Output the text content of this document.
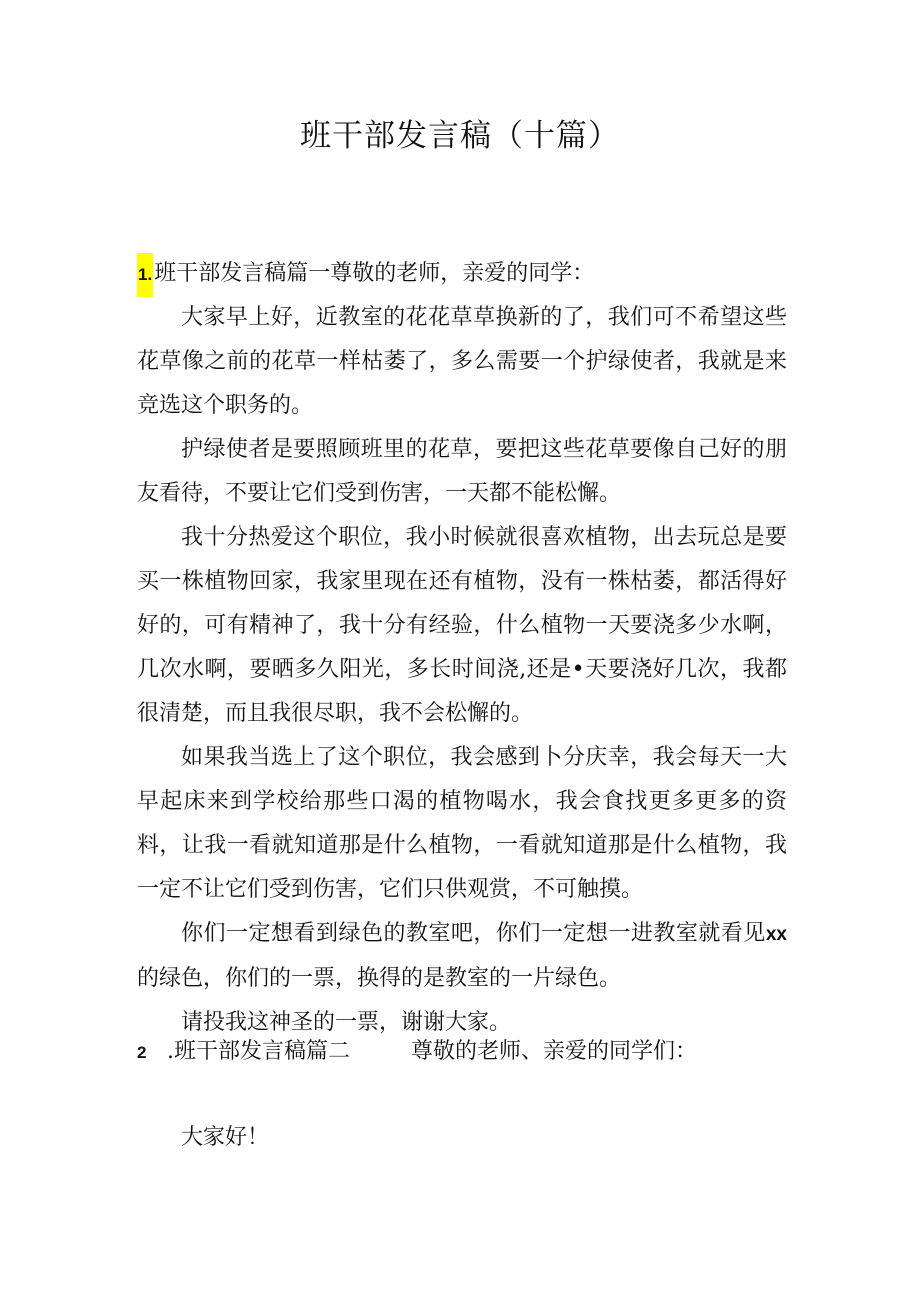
班干部发言稿（十篇）
1.班干部发言稿篇一尊敬的老师，亲爱的同学：

大家早上好，近教室的花花草草换新的了，我们可不希望这些花草像之前的花草一样枯萎了，多么需要一个护绿使者，我就是来竞选这个职务的。

护绿使者是要照顾班里的花草，要把这些花草要像自己好的朋友看待，不要让它们受到伤害，一天都不能松懈。

我十分热爱这个职位，我小时候就很喜欢植物，出去玩总是要买一株植物回家，我家里现在还有植物，没有一株枯萎，都活得好好的，可有精神了，我十分有经验，什么植物一天要浇多少水啊，几次水啊，要晒多久阳光，多长时间浇,还是•天要浇好几次，我都很清楚，而且我很尽职，我不会松懈的。

如果我当选上了这个职位，我会感到卜分庆幸，我会每天一大早起床来到学校给那些口渴的植物喝水，我会食找更多更多的资料，让我一看就知道那是什么植物，一看就知道那是什么植物，我一定不让它们受到伤害，它们只供观赏，不可触摸。

你们一定想看到绿色的教室吧，你们一定想一进教室就看见xx的绿色，你们的一票，换得的是教室的一片绿色。

请投我这神圣的一票，谢谢大家。

2 .班干部发言稿篇二	尊敬的老师、亲爱的同学们：
大家好！
